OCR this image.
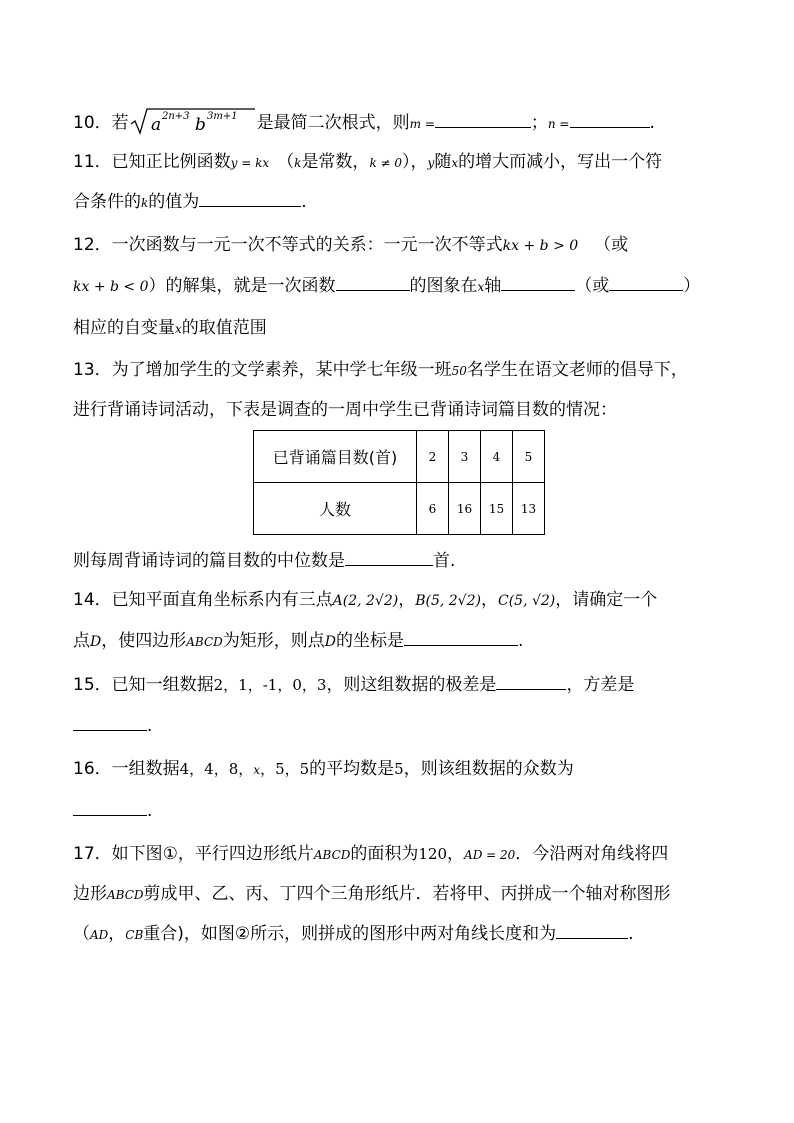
10．若 a 2n+3 b 3m+1 是最简二次根式，则m =	；n =	.
11．已知正比例函数y = kx （k是常数，k ≠ 0），y随x的增大而减小，写出一个符
合条件的k的值为	.
12．一次函数与一元一次不等式的关系：一元一次不等式kx + b > 0 （或
kx + b < 0）的解集，就是一次函数	的图象在x轴	（或	）
相应的自变量x的取值范围
13．为了增加学生的文学素养，某中学七年级一班50名学生在语文老师的倡导下，
进行背诵诗词活动，下表是调查的一周中学生已背诵诗词篇目数的情况：
已背诵篇目数(首)	2	3	4	5
人数	6	16	15	13
则每周背诵诗词的篇目数的中位数是	首.
14．已知平面直角坐标系内有三点A(2, 2√2)，B(5, 2√2)，C(5, √2)，请确定一个
点D，使四边形ABCD为矩形，则点D的坐标是	.
15．已知一组数据2，1，-1，0，3，则这组数据的极差是	，方差是
.
16．一组数据4，4，8，x，5，5的平均数是5，则该组数据的众数为
.
17．如下图①，平行四边形纸片ABCD的面积为120，AD = 20．今沿两对角线将四
边形ABCD剪成甲、乙、丙、丁四个三角形纸片．若将甲、丙拼成一个轴对称图形
（AD，CB重合)，如图②所示，则拼成的图形中两对角线长度和为	.
